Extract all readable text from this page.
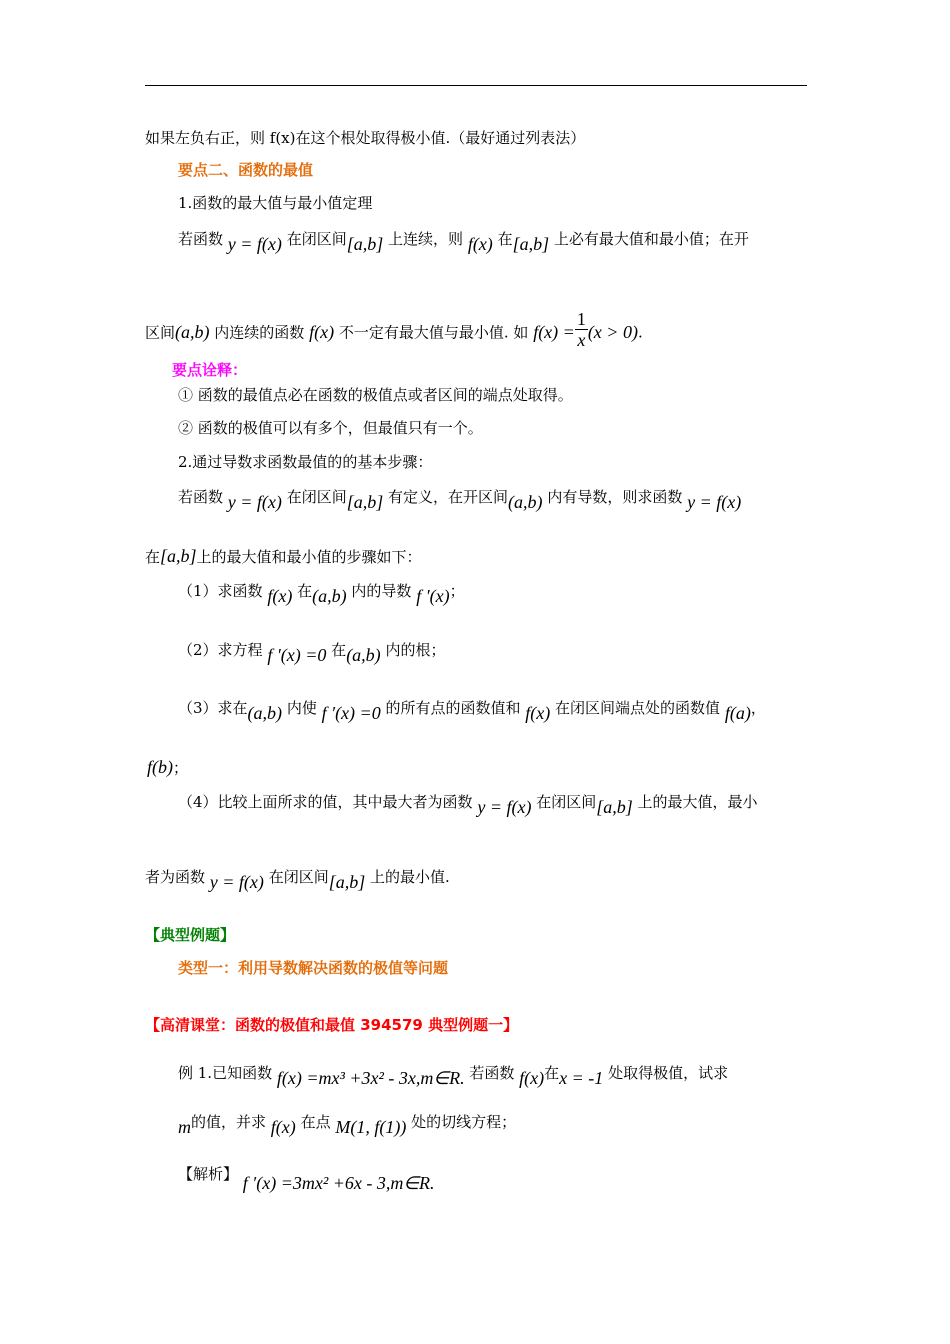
如果左负右正，则 f(x)在这个根处取得极小值.（最好通过列表法）
要点二、函数的最值
1.函数的最大值与最小值定理
若函数 y = f(x) 在闭区间[a,b] 上连续，则 f(x) 在[a,b] 上必有最大值和最小值；在开
区间(a,b) 内连续的函数 f(x) 不一定有最大值与最小值. 如 $f(x) = \frac{1}{x} (x > 0)$.
要点诠释：
① 函数的最值点必在函数的极值点或者区间的端点处取得。
② 函数的极值可以有多个，但最值只有一个。
2.通过导数求函数最值的的基本步骤：
若函数 y = f(x) 在闭区间[a,b] 有定义，在开区间(a,b) 内有导数，则求函数 y = f(x)
在[a,b]上的最大值和最小值的步骤如下：
（1）求函数 f(x) 在(a,b) 内的导数 f ′(x)；
（2）求方程 f ′(x) =0 在(a,b) 内的根；
（3）求在(a,b) 内使 f ′(x) =0 的所有点的函数值和 f(x) 在闭区间端点处的函数值 f(a)，
f(b)；
（4）比较上面所求的值，其中最大者为函数 y = f(x) 在闭区间[a,b] 上的最大值，最小
者为函数 y = f(x) 在闭区间[a,b] 上的最小值.
【典型例题】
类型一：利用导数解决函数的极值等问题
【高清课堂：函数的极值和最值 394579 典型例题一】
例 1.已知函数 f(x) =mx³ +3x² - 3x,m∈R. 若函数 f(x)在x = -1 处取得极值，试求
m的值，并求 f(x) 在点 M(1, f(1)) 处的切线方程；
【解析】 f ′(x) =3mx² +6x - 3,m∈R.
